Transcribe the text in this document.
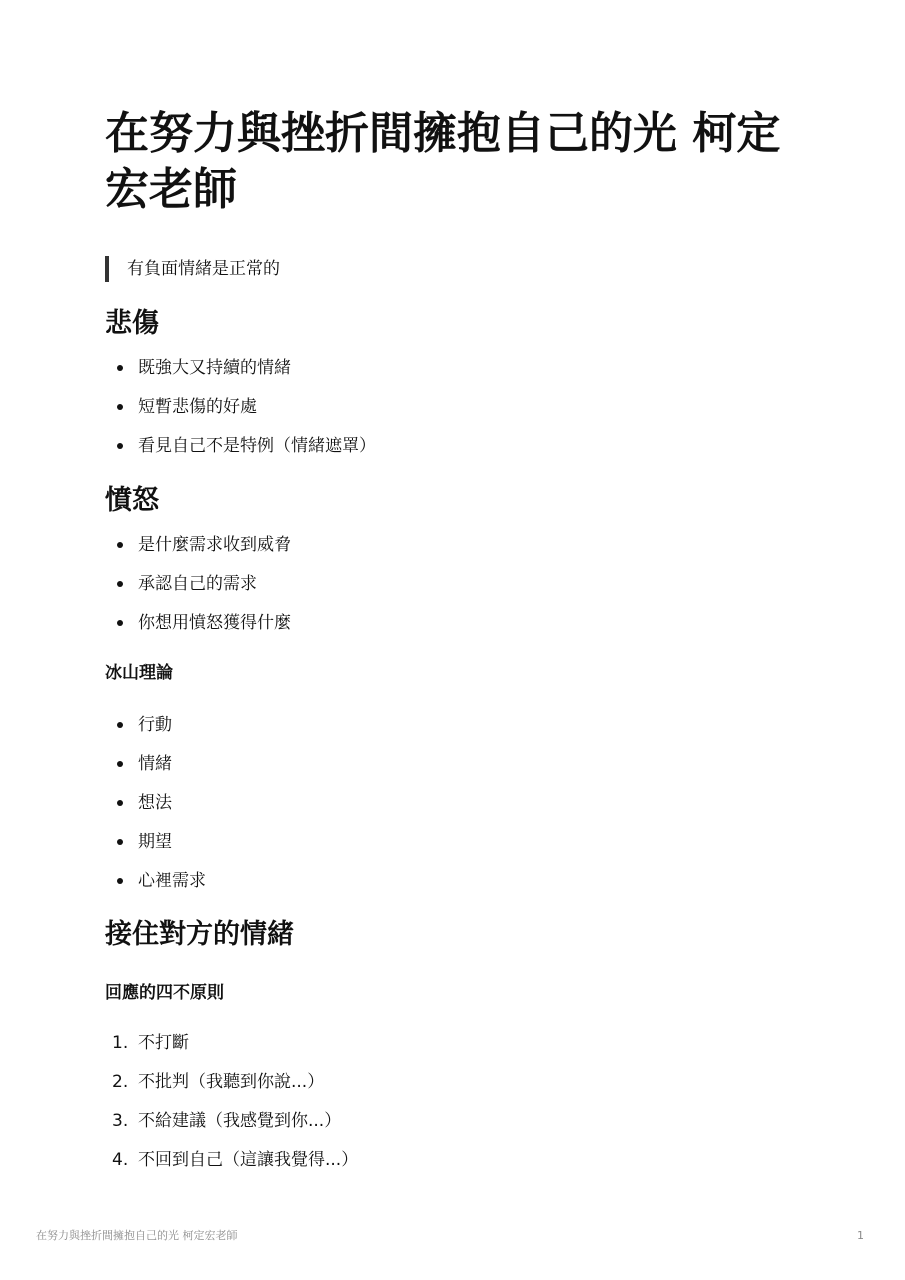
在努力與挫折間擁抱自己的光 柯定宏老師
有負面情緒是正常的
悲傷
既強大又持續的情緒
短暫悲傷的好處
看見自己不是特例（情緒遮罩）
憤怒
是什麼需求收到威脅
承認自己的需求
你想用憤怒獲得什麼
冰山理論
行動
情緒
想法
期望
心裡需求
接住對方的情緒
回應的四不原則
1. 不打斷
2. 不批判（我聽到你說...）
3. 不給建議（我感覺到你...）
4. 不回到自己（這讓我覺得...）
在努力與挫折間擁抱自己的光 柯定宏老師	1
